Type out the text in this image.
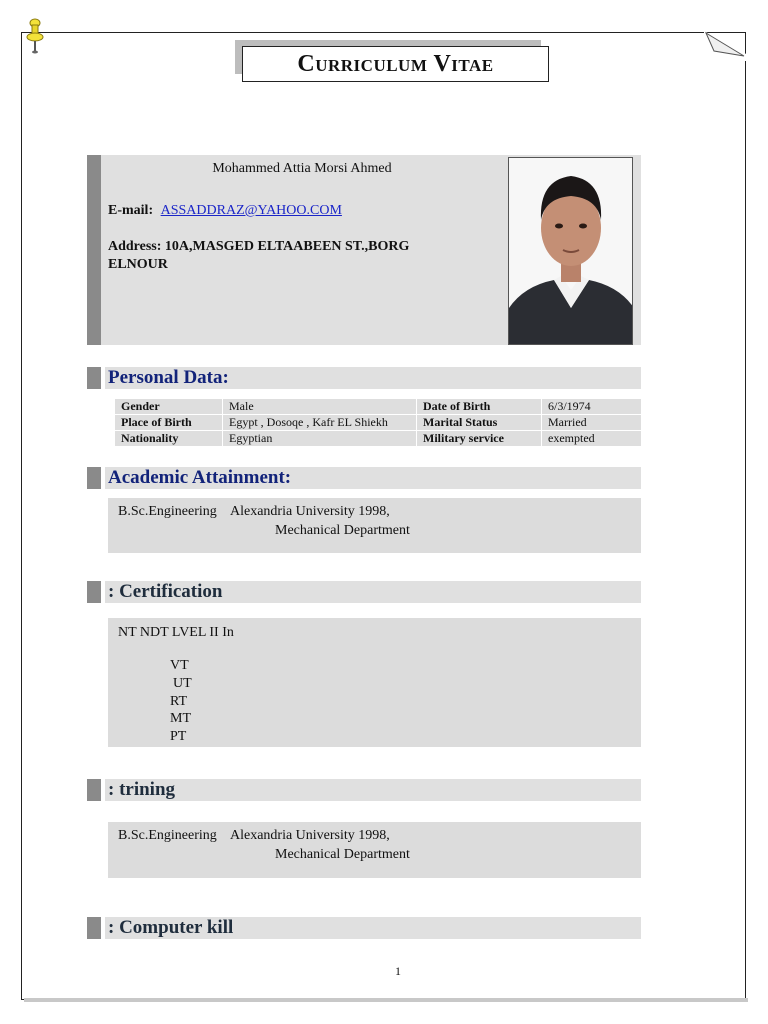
Curriculum Vitae
Mohammed Attia Morsi Ahmed
E-mail: ASSADDRAZ@YAHOO.COM
Address: 10A,MASGED ELTAABEEN ST.,BORG ELNOUR
Personal Data:
Gender	Male	Date of Birth	6/3/1974
Place of Birth	Egypt , Dosoqe , Kafr EL Shiekh	Marital Status	Married
Nationality	Egyptian	Military service	exempted
Academic Attainment:
B.Sc.Engineering    Alexandria University 1998,
Mechanical Department
: Certification
NT NDT LVEL II In
VT
UT
RT
MT
PT
: trining
B.Sc.Engineering    Alexandria University 1998,
Mechanical Department
: Computer kill
1
